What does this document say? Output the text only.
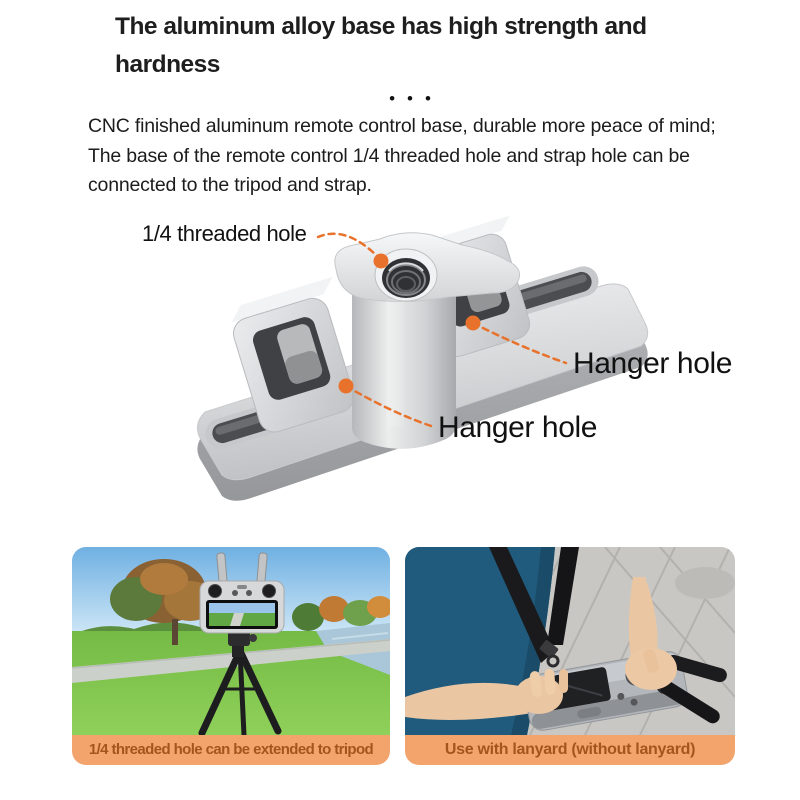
The aluminum alloy base has high strength and hardness
• • •

CNC finished aluminum remote control base, durable more peace of mind; The base of the remote control 1/4 threaded hole and strap hole can be connected to the tripod and strap.

1/4 threaded hole
Hanger hole
Hanger hole
1/4 threaded hole can be extended to tripod	Use with lanyard (without lanyard)
